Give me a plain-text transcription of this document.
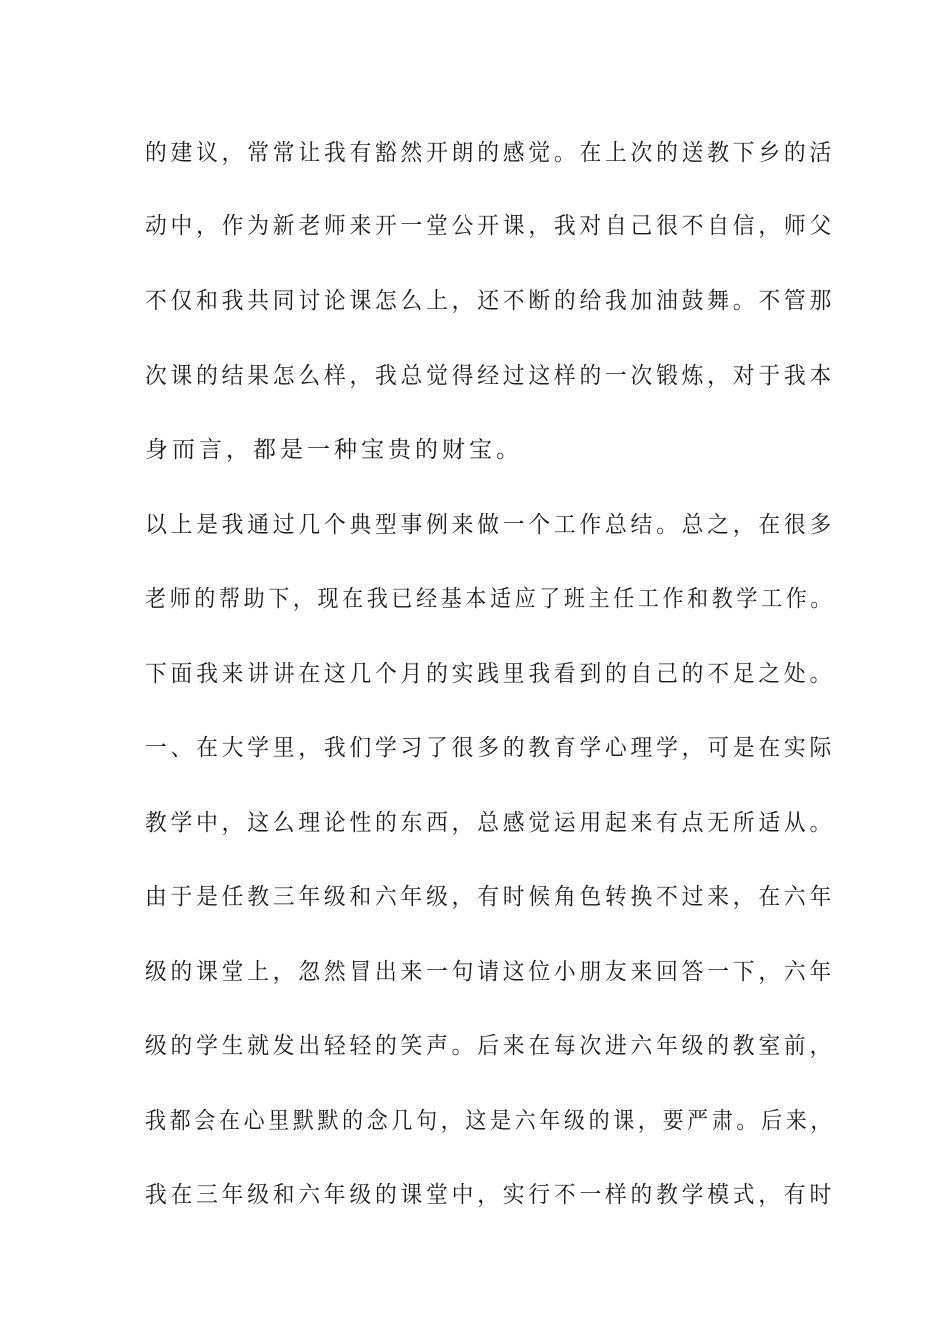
的建议，常常让我有豁然开朗的感觉。在上次的送教下乡的活
动中，作为新老师来开一堂公开课，我对自己很不自信，师父
不仅和我共同讨论课怎么上，还不断的给我加油鼓舞。不管那
次课的结果怎么样，我总觉得经过这样的一次锻炼，对于我本
身而言，都是一种宝贵的财宝。
以上是我通过几个典型事例来做一个工作总结。总之，在很多
老师的帮助下，现在我已经基本适应了班主任工作和教学工作。
下面我来讲讲在这几个月的实践里我看到的自己的不足之处。
一、在大学里，我们学习了很多的教育学心理学，可是在实际
教学中，这么理论性的东西，总感觉运用起来有点无所适从。
由于是任教三年级和六年级，有时候角色转换不过来，在六年
级的课堂上，忽然冒出来一句请这位小朋友来回答一下，六年
级的学生就发出轻轻的笑声。后来在每次进六年级的教室前，
我都会在心里默默的念几句，这是六年级的课，要严肃。后来，
我在三年级和六年级的课堂中，实行不一样的教学模式，有时
